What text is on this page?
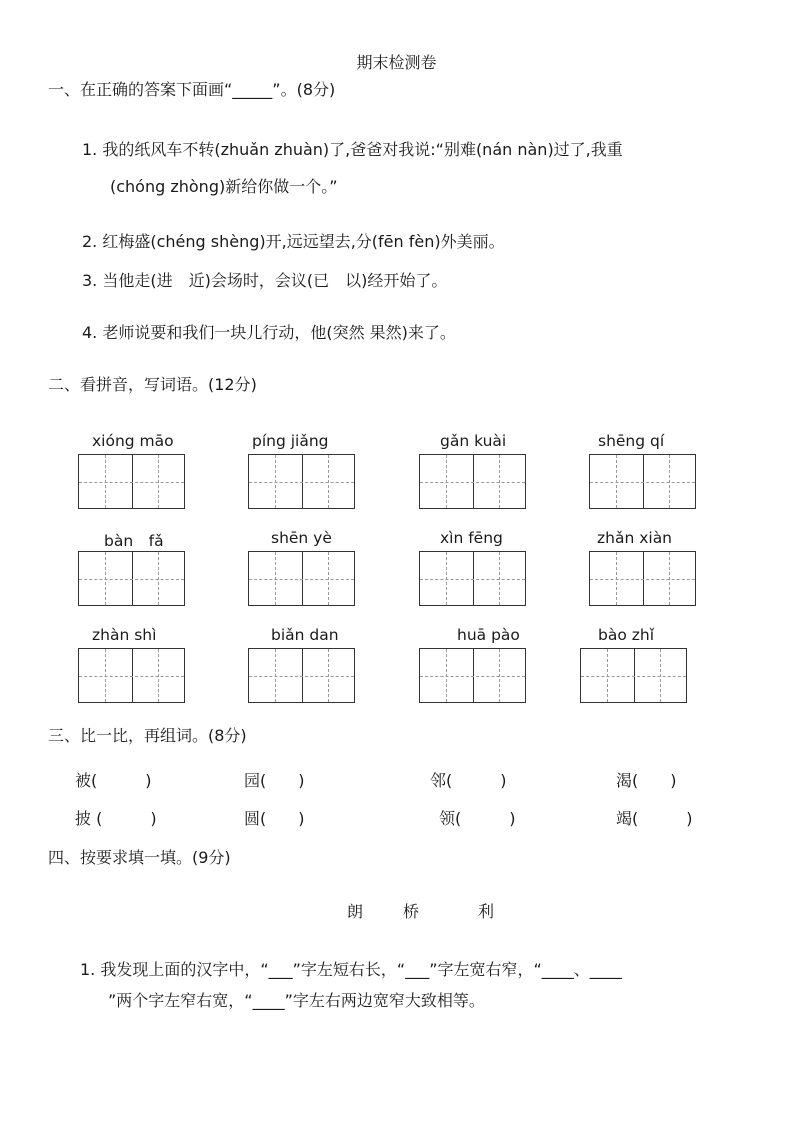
期末检测卷
一、在正确的答案下面画“_____”。(8分)
1. 我的纸风车不转(zhuǎn zhuàn)了,爸爸对我说:“别难(nán nàn)过了,我重
(chóng zhòng)新给你做一个。”
2. 红梅盛(chéng shèng)开,远远望去,分(fēn fèn)外美丽。
3. 当他走(进　近)会场时，会议(已　以)经开始了。
4. 老师说要和我们一块儿行动，他(突然 果然)来了。
二、看拼音，写词语。(12分)
xióng māo	píng jiǎng	gǎn kuài	shēng qí
bàn　fǎ	shēn yè	xìn fēng	zhǎn xiàn
zhàn shì	biǎn dan	huā pào	bào zhǐ
三、比一比，再组词。(8分)
被(　　　)	园(　　)	邻(　　　)	渴(　　)
披 (　　　)	圆(　　)	领(　　　)	竭(　　　)
四、按要求填一填。(9分)
朗 桥	利
1. 我发现上面的汉字中，“___”字左短右长，“___”字左宽右窄，“____、____
”两个字左窄右宽，“____”字左右两边宽窄大致相等。
